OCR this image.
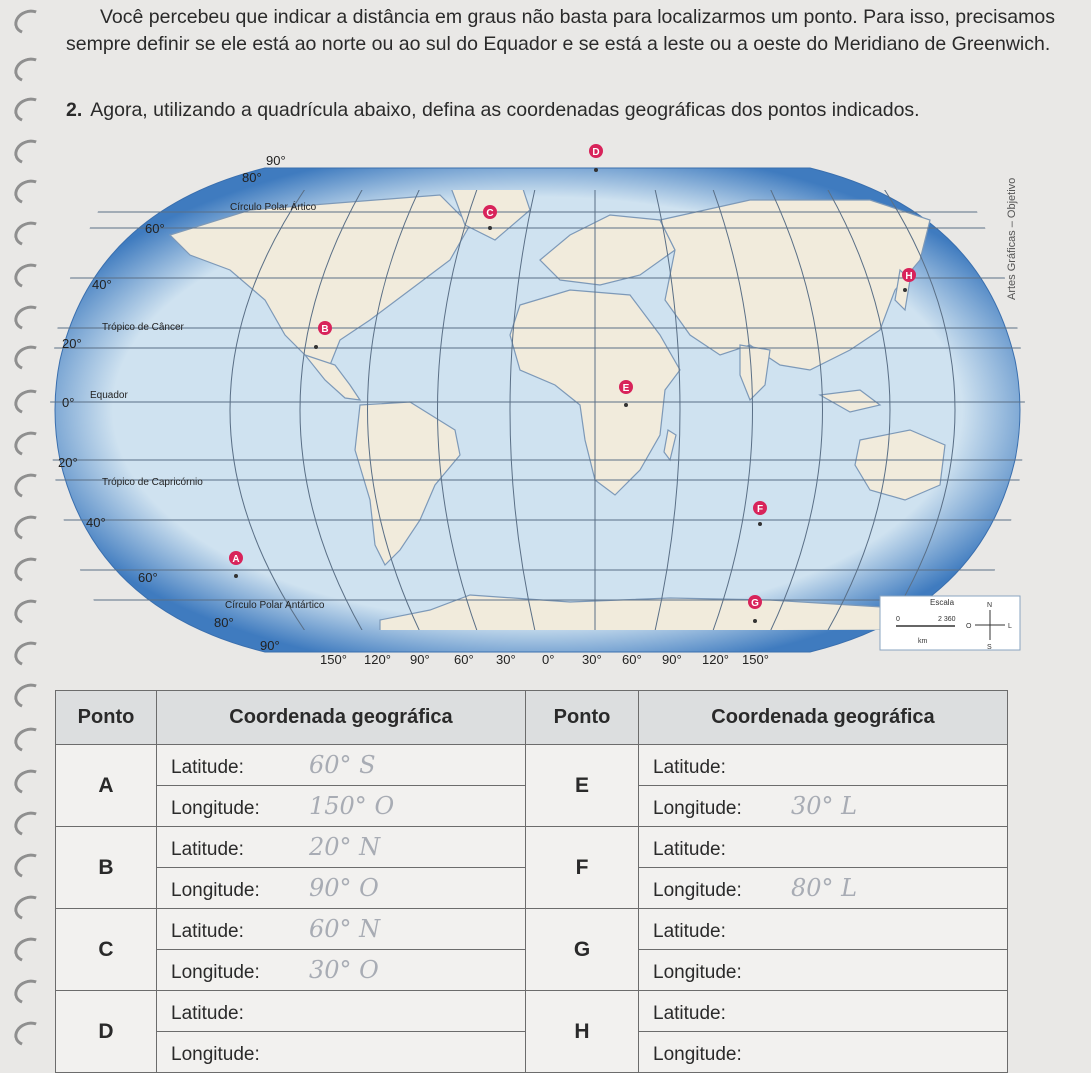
Você percebeu que indicar a distância em graus não basta para localizarmos um ponto. Para isso, precisamos sempre definir se ele está ao norte ou ao sul do Equador e se está a leste ou a oeste do Meridiano de Greenwich.

2. Agora, utilizando a quadrícula abaixo, defina as coordenadas geográficas dos pontos indicados.
Artes Gráficas – Objetivo
90°
80°
60°
40°
20°
0°
20°
40°
60°
80°
90°
Círculo Polar Ártico
Trópico de Câncer
Equador
Trópico de Capricórnio
Círculo Polar Antártico
150° 120° 90° 60° 30° 0° 30° 60° 90° 120° 150°
A
B
C
D
E
F
G
H
Escala
0	2 360
km
N
S
L
O
Ponto	Coordenada geográfica	Ponto	Coordenada geográfica
A	Latitude: 60° S	E	Latitude:
	Longitude: 150° O		Longitude: 30° L
B	Latitude: 20° N	F	Latitude:
	Longitude: 90° O		Longitude: 80° L
C	Latitude: 60° N	G	Latitude:
	Longitude: 30° O		Longitude:
D	Latitude:	H	Latitude:
	Longitude:		Longitude:
